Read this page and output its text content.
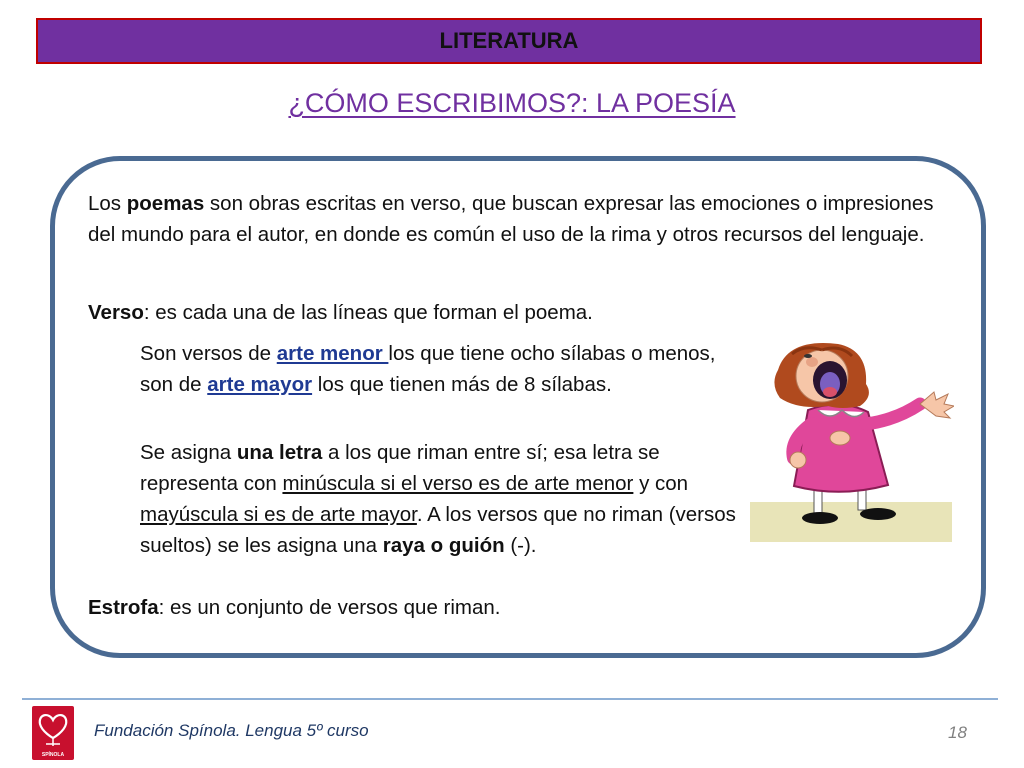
LITERATURA
¿CÓMO ESCRIBIMOS?: LA POESÍA
Los poemas son obras escritas en verso, que buscan expresar las emociones o impresiones del mundo para el autor, en donde es común el uso de la rima y otros recursos del lenguaje.
Verso: es cada una de las líneas que forman el poema.
Son versos de arte menor los que tiene ocho sílabas o menos, son de arte mayor los que tienen más de 8 sílabas.
Se asigna una letra a los que riman entre sí; esa letra se representa con minúscula si el verso es de arte menor y con mayúscula si es de arte mayor. A los versos que no riman (versos sueltos) se les asigna una raya o guión (-).
Estrofa: es un conjunto de versos que riman.
SPÍNOLA
Fundación Spínola. Lengua 5º curso	18
